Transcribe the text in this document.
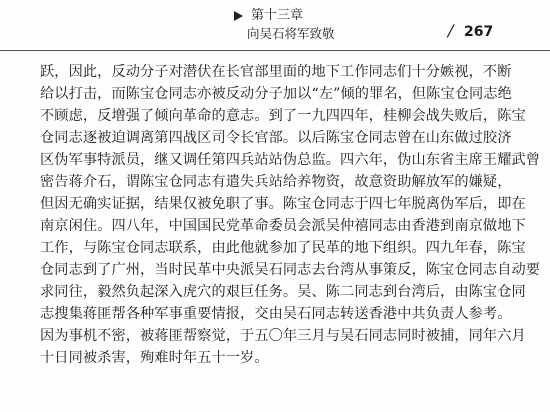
第十三章
向吴石将军致敬	/ 267
跃，因此，反动分子对潜伏在长官部里面的地下工作同志们十分嫉视，不断
给以打击，而陈宝仓同志亦被反动分子加以“左”倾的罪名，但陈宝仓同志绝
不顾虑，反增强了倾向革命的意志。到了一九四四年，桂柳会战失败后，陈宝
仓同志逐被迫调离第四战区司令长官部。以后陈宝仓同志曾在山东做过胶济
区伪军事特派员，继又调任第四兵站站伪总监。四六年，伪山东省主席王耀武曾
密告蒋介石，谓陈宝仓同志有遣失兵站给养物资，故意资助解放军的嫌疑，
但因无确实证据，结果仅被免职了事。陈宝仓同志于四七年脱离伪军后，即在
南京闲住。四八年，中国国民党革命委员会派吴仲禧同志由香港到南京做地下
工作，与陈宝仓同志联系，由此他就参加了民革的地下组织。四九年春，陈宝
仓同志到了广州，当时民革中央派吴石同志去台湾从事策反，陈宝仓同志自动要
求同往，毅然负起深入虎穴的艰巨任务。吴、陈二同志到台湾后，由陈宝仓同
志搜集蒋匪帮各种军事重要情报，交由吴石同志转送香港中共负责人参考。
因为事机不密，被蒋匪帮察觉，于五〇年三月与吴石同志同时被捕，同年六月
十日同被杀害，殉难时年五十一岁。
